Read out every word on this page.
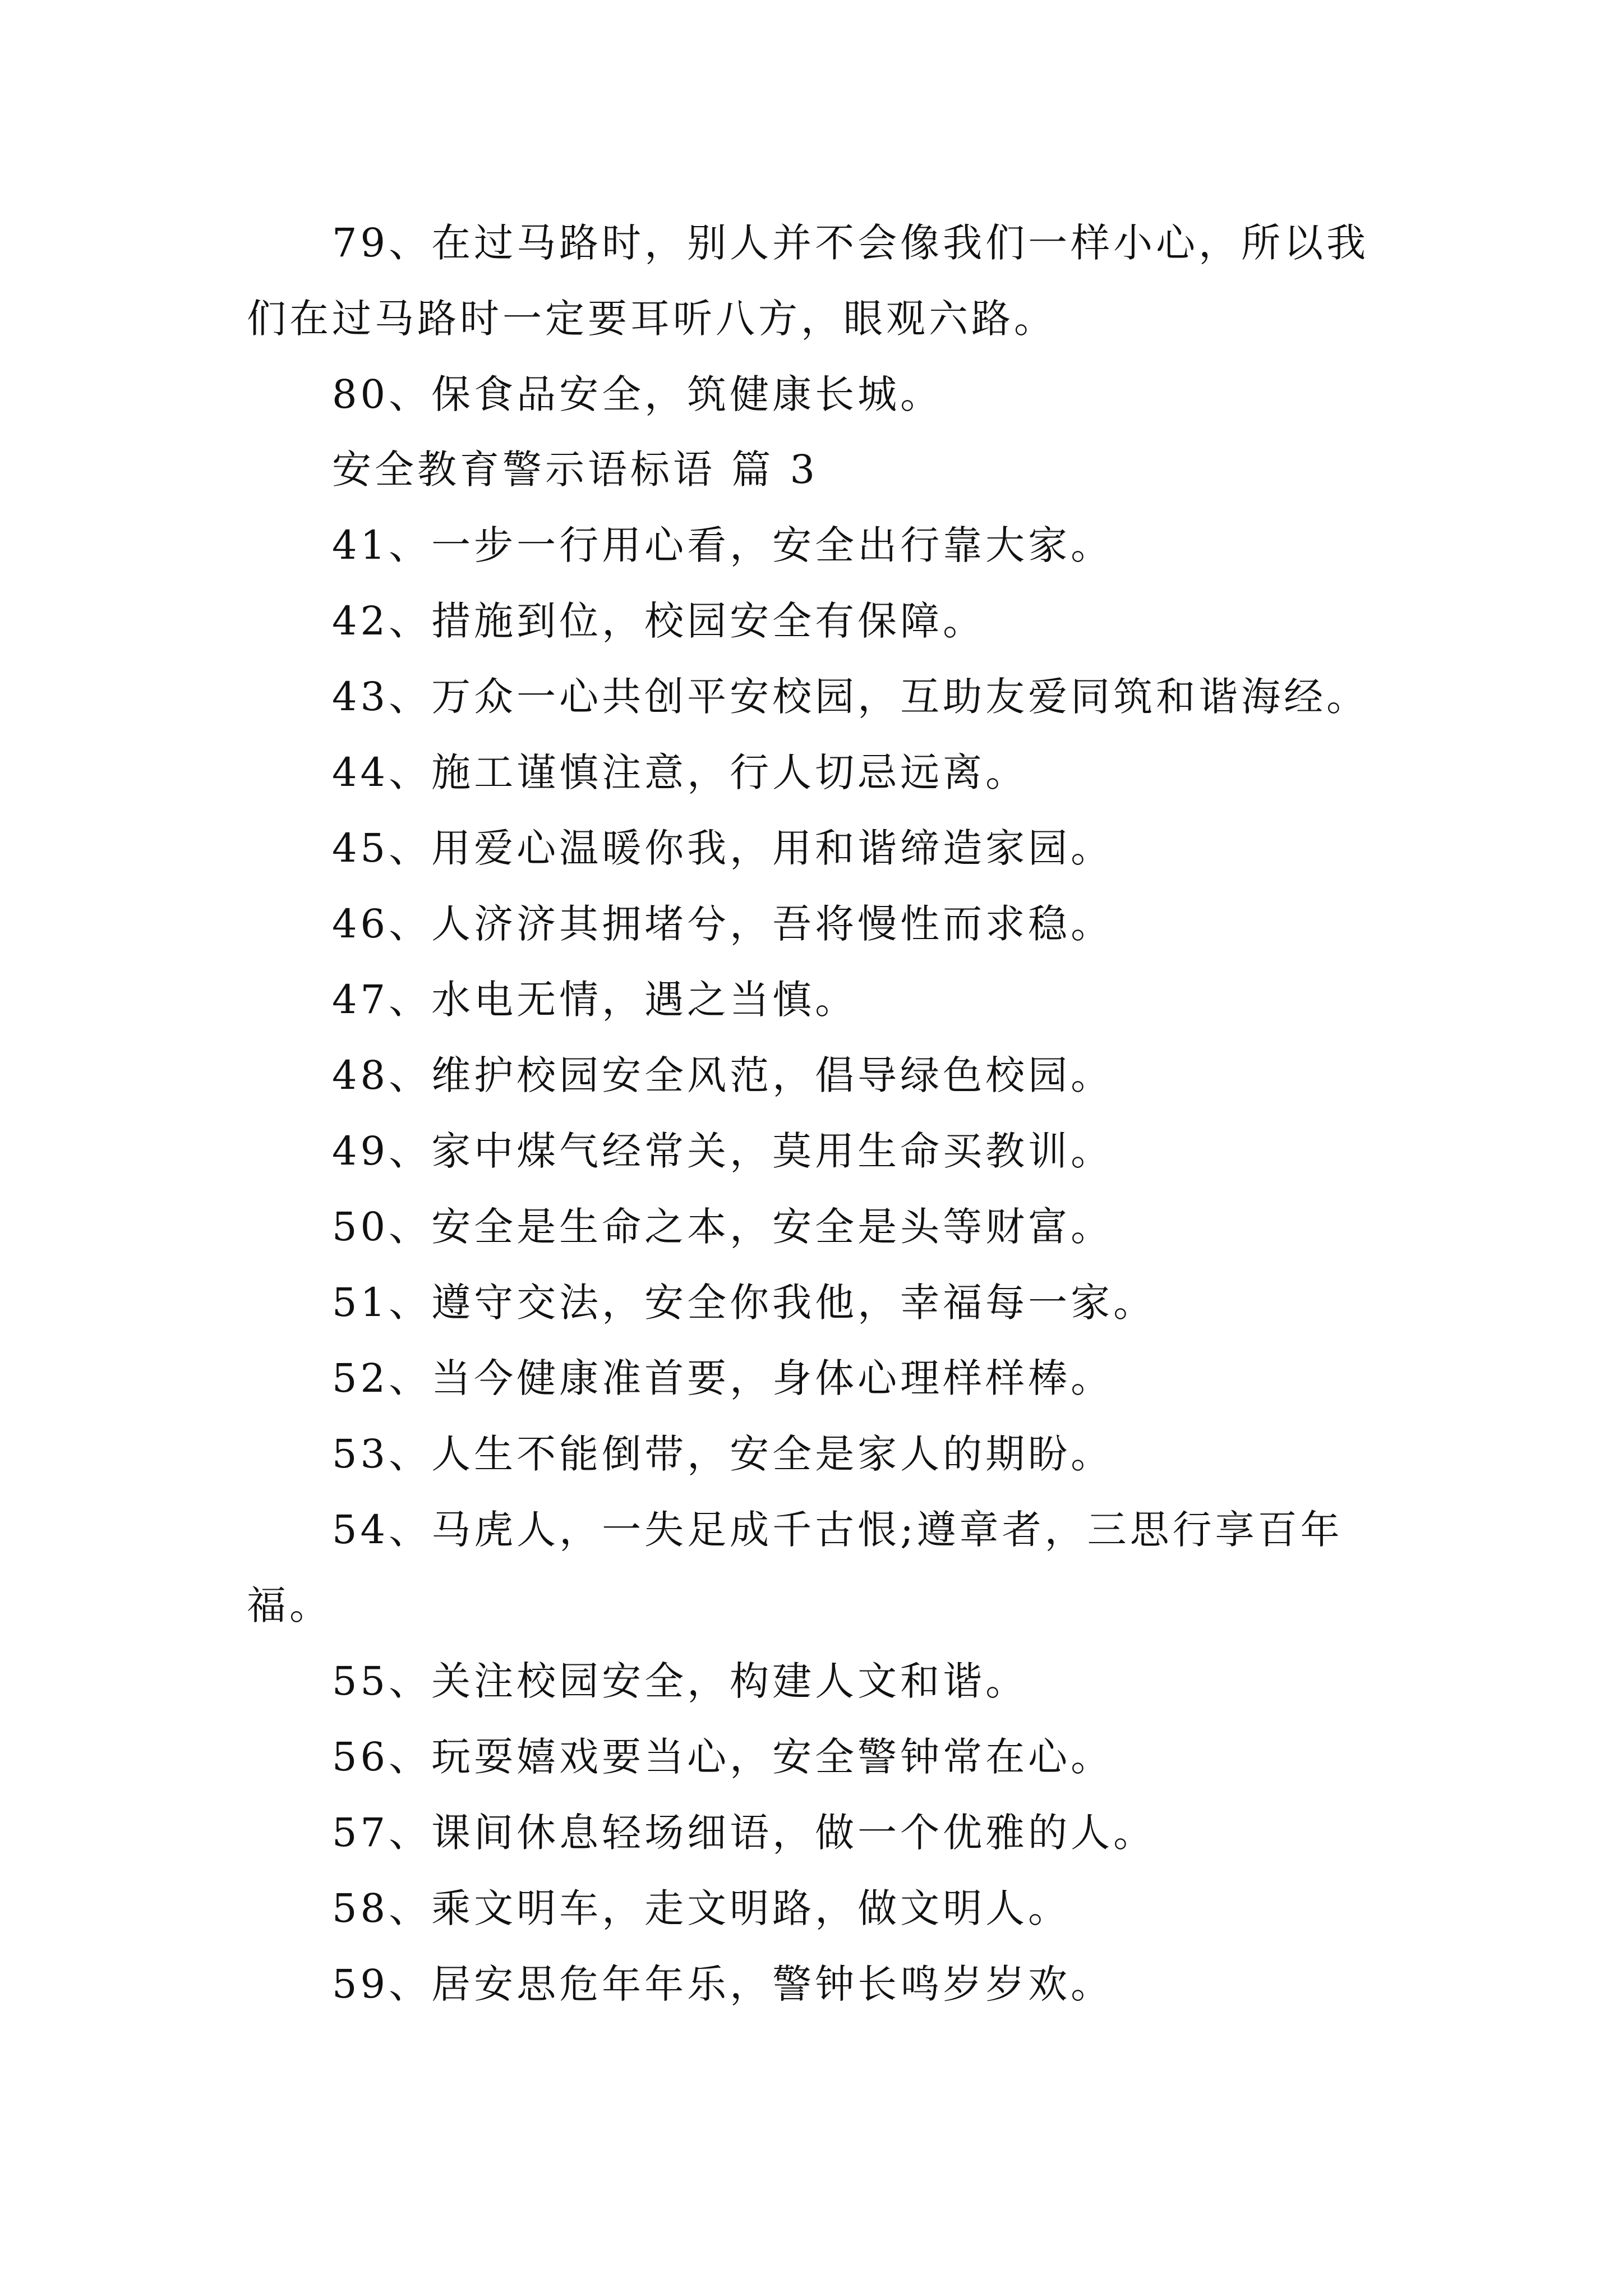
79、在过马路时，别人并不会像我们一样小心，所以我
们在过马路时一定要耳听八方，眼观六路。
80、保食品安全，筑健康长城。
安全教育警示语标语 篇 3
41、一步一行用心看，安全出行靠大家。
42、措施到位，校园安全有保障。
43、万众一心共创平安校园，互助友爱同筑和谐海经。
44、施工谨慎注意，行人切忌远离。
45、用爱心温暖你我，用和谐缔造家园。
46、人济济其拥堵兮，吾将慢性而求稳。
47、水电无情，遇之当慎。
48、维护校园安全风范，倡导绿色校园。
49、家中煤气经常关，莫用生命买教训。
50、安全是生命之本，安全是头等财富。
51、遵守交法，安全你我他，幸福每一家。
52、当今健康准首要，身体心理样样棒。
53、人生不能倒带，安全是家人的期盼。
54、马虎人，一失足成千古恨;遵章者，三思行享百年
福。
55、关注校园安全，构建人文和谐。
56、玩耍嬉戏要当心，安全警钟常在心。
57、课间休息轻场细语，做一个优雅的人。
58、乘文明车，走文明路，做文明人。
59、居安思危年年乐，警钟长鸣岁岁欢。
